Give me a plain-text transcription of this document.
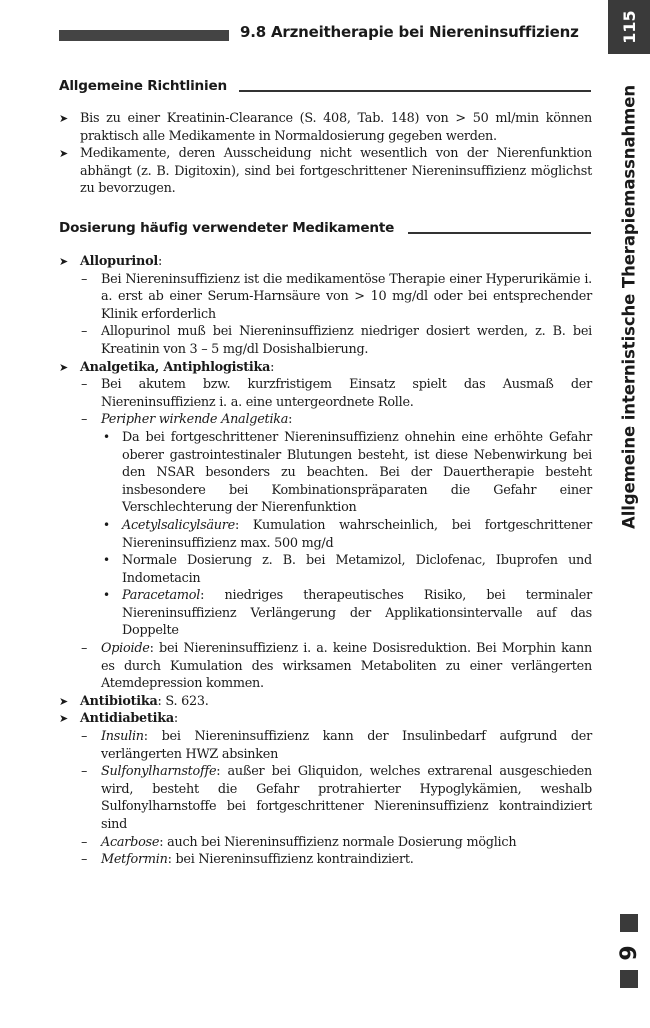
9.8 Arzneitherapie bei Niereninsuffizienz	115
Allgemeine internistische Therapiemassnahmen
9
Allgemeine Richtlinien
➤ Bis zu einer Kreatinin-Clearance (S. 408, Tab. 148) von > 50 ml/min können praktisch alle Medikamente in Normaldosierung gegeben werden.
➤ Medikamente, deren Ausscheidung nicht wesentlich von der Nierenfunktion abhängt (z. B. Digitoxin), sind bei fortgeschrittener Niereninsuffizienz möglichst zu bevorzugen.
Dosierung häufig verwendeter Medikamente
➤ Allopurinol:
– Bei Niereninsuffizienz ist die medikamentöse Therapie einer Hyperurikämie i. a. erst ab einer Serum-Harnsäure von > 10 mg/dl oder bei entsprechender Klinik erforderlich
– Allopurinol muß bei Niereninsuffizienz niedriger dosiert werden, z. B. bei Kreatinin von 3 – 5 mg/dl Dosishalbierung.
➤ Analgetika, Antiphlogistika:
– Bei akutem bzw. kurzfristigem Einsatz spielt das Ausmaß der Niereninsuffizienz i. a. eine untergeordnete Rolle.
– Peripher wirkende Analgetika:
• Da bei fortgeschrittener Niereninsuffizienz ohnehin eine erhöhte Gefahr oberer gastrointestinaler Blutungen besteht, ist diese Nebenwirkung bei den NSAR besonders zu beachten. Bei der Dauertherapie besteht insbesondere bei Kombinationspräparaten die Gefahr einer Verschlechterung der Nierenfunktion
• Acetylsalicylsäure: Kumulation wahrscheinlich, bei fortgeschrittener Niereninsuffizienz max. 500 mg/d
• Normale Dosierung z. B. bei Metamizol, Diclofenac, Ibuprofen und Indometacin
• Paracetamol: niedriges therapeutisches Risiko, bei terminaler Niereninsuffizienz Verlängerung der Applikationsintervalle auf das Doppelte
– Opioide: bei Niereninsuffizienz i. a. keine Dosisreduktion. Bei Morphin kann es durch Kumulation des wirksamen Metaboliten zu einer verlängerten Atemdepression kommen.
➤ Antibiotika: S. 623.
➤ Antidiabetika:
– Insulin: bei Niereninsuffizienz kann der Insulinbedarf aufgrund der verlängerten HWZ absinken
– Sulfonylharnstoffe: außer bei Gliquidon, welches extrarenal ausgeschieden wird, besteht die Gefahr protrahierter Hypoglykämien, weshalb Sulfonylharnstoffe bei fortgeschrittener Niereninsuffizienz kontraindiziert sind
– Acarbose: auch bei Niereninsuffizienz normale Dosierung möglich
– Metformin: bei Niereninsuffizienz kontraindiziert.
